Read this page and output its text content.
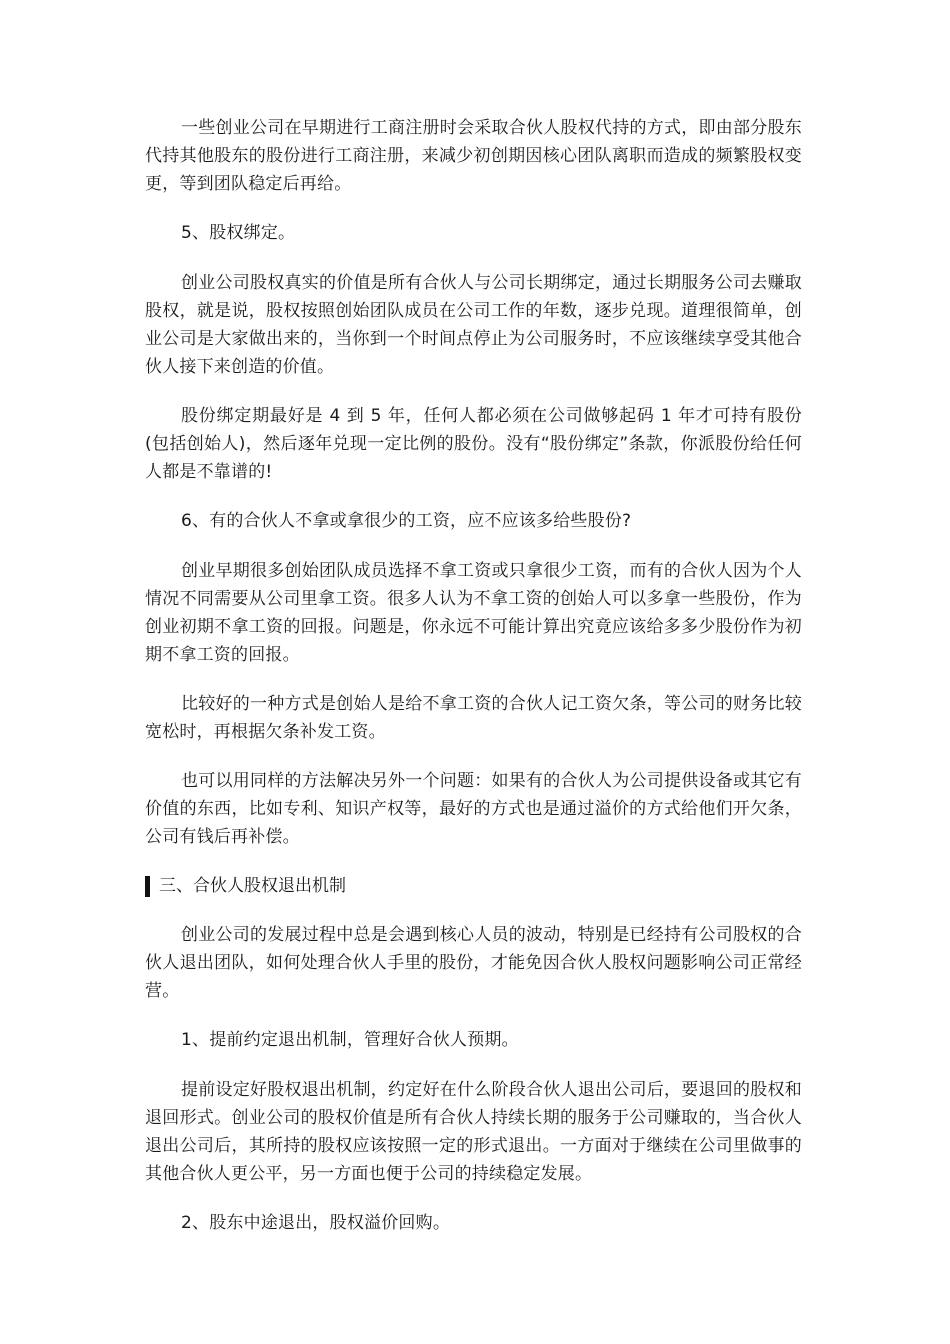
一些创业公司在早期进行工商注册时会采取合伙人股权代持的方式，即由部分股东代持其他股东的股份进行工商注册，来减少初创期因核心团队离职而造成的频繁股权变更，等到团队稳定后再给。

5、股权绑定。

创业公司股权真实的价值是所有合伙人与公司长期绑定，通过长期服务公司去赚取股权，就是说，股权按照创始团队成员在公司工作的年数，逐步兑现。道理很简单，创业公司是大家做出来的，当你到一个时间点停止为公司服务时，不应该继续享受其他合伙人接下来创造的价值。

股份绑定期最好是 4 到 5 年，任何人都必须在公司做够起码 1 年才可持有股份(包括创始人)，然后逐年兑现一定比例的股份。没有“股份绑定”条款，你派股份给任何人都是不靠谱的!

6、有的合伙人不拿或拿很少的工资，应不应该多给些股份?

创业早期很多创始团队成员选择不拿工资或只拿很少工资，而有的合伙人因为个人情况不同需要从公司里拿工资。很多人认为不拿工资的创始人可以多拿一些股份，作为创业初期不拿工资的回报。问题是，你永远不可能计算出究竟应该给多多少股份作为初期不拿工资的回报。

比较好的一种方式是创始人是给不拿工资的合伙人记工资欠条，等公司的财务比较宽松时，再根据欠条补发工资。

也可以用同样的方法解决另外一个问题：如果有的合伙人为公司提供设备或其它有价值的东西，比如专利、知识产权等，最好的方式也是通过溢价的方式给他们开欠条，公司有钱后再补偿。

三、合伙人股权退出机制

创业公司的发展过程中总是会遇到核心人员的波动，特别是已经持有公司股权的合伙人退出团队，如何处理合伙人手里的股份，才能免因合伙人股权问题影响公司正常经营。

1、提前约定退出机制，管理好合伙人预期。

提前设定好股权退出机制，约定好在什么阶段合伙人退出公司后，要退回的股权和退回形式。创业公司的股权价值是所有合伙人持续长期的服务于公司赚取的，当合伙人退出公司后，其所持的股权应该按照一定的形式退出。一方面对于继续在公司里做事的其他合伙人更公平，另一方面也便于公司的持续稳定发展。

2、股东中途退出，股权溢价回购。
